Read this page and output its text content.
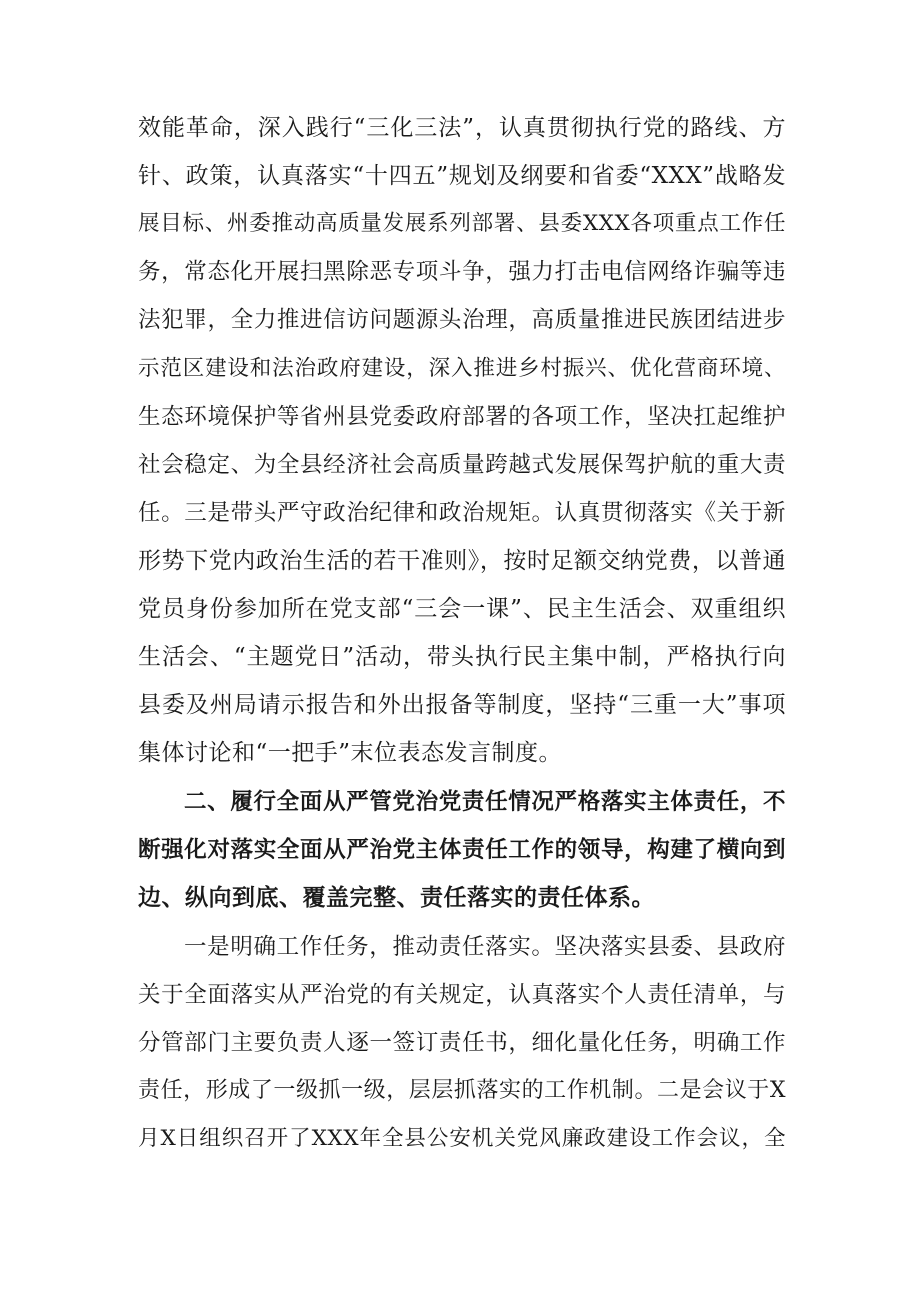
效能革命，深入践行“三化三法”，认真贯彻执行党的路线、方
针、政策，认真落实“十四五”规划及纲要和省委“XXX”战略发
展目标、州委推动高质量发展系列部署、县委XXX各项重点工作任
务，常态化开展扫黑除恶专项斗争，强力打击电信网络诈骗等违
法犯罪，全力推进信访问题源头治理，高质量推进民族团结进步
示范区建设和法治政府建设，深入推进乡村振兴、优化营商环境、
生态环境保护等省州县党委政府部署的各项工作，坚决扛起维护
社会稳定、为全县经济社会高质量跨越式发展保驾护航的重大责
任。三是带头严守政治纪律和政治规矩。认真贯彻落实《关于新
形势下党内政治生活的若干准则》，按时足额交纳党费，以普通
党员身份参加所在党支部“三会一课”、民主生活会、双重组织
生活会、“主题党日”活动，带头执行民主集中制，严格执行向
县委及州局请示报告和外出报备等制度，坚持“三重一大”事项
集体讨论和“一把手”末位表态发言制度。
二、履行全面从严管党治党责任情况严格落实主体责任，不
断强化对落实全面从严治党主体责任工作的领导，构建了横向到
边、纵向到底、覆盖完整、责任落实的责任体系。
一是明确工作任务，推动责任落实。坚决落实县委、县政府
关于全面落实从严治党的有关规定，认真落实个人责任清单，与
分管部门主要负责人逐一签订责任书，细化量化任务，明确工作
责任，形成了一级抓一级，层层抓落实的工作机制。二是会议于X
月X日组织召开了XXX年全县公安机关党风廉政建设工作会议，全
